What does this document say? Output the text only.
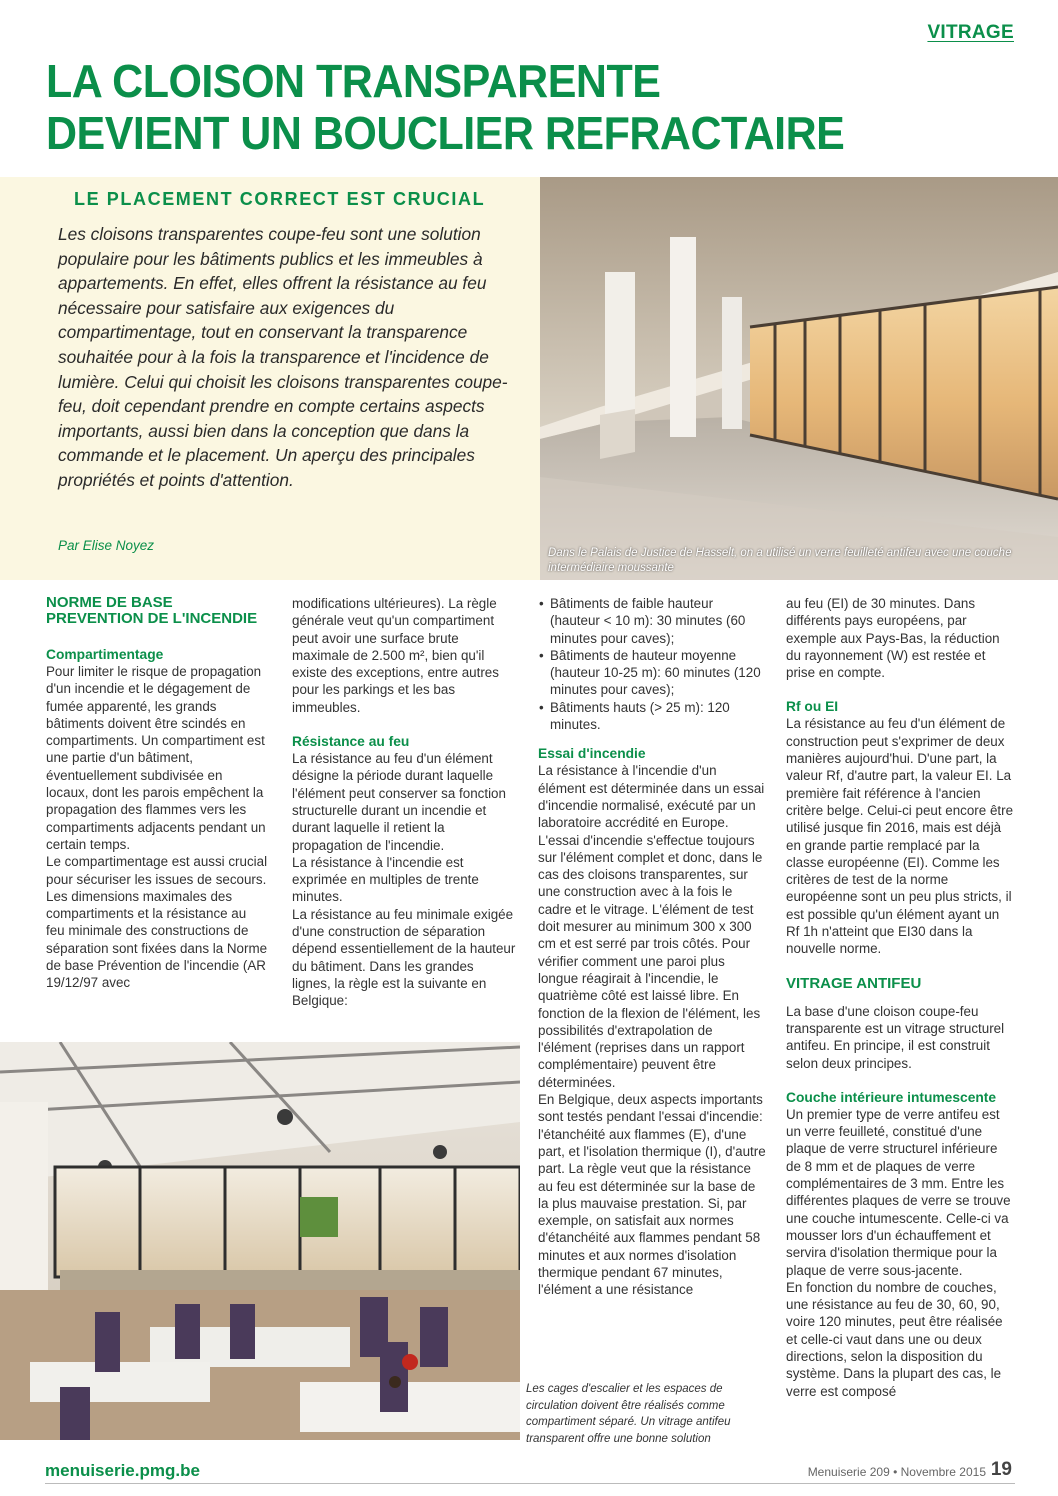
VITRAGE
LA CLOISON TRANSPARENTE
DEVIENT UN BOUCLIER REFRACTAIRE
LE PLACEMENT CORRECT EST CRUCIAL
Les cloisons transparentes coupe-feu sont une solution populaire pour les bâtiments publics et les immeubles à appartements. En effet, elles offrent la résistance au feu nécessaire pour satisfaire aux exigences du compartimentage, tout en conservant la transparence souhaitée pour à la fois la transparence et l'incidence de lumière. Celui qui choisit les cloisons transparentes coupe-feu, doit cependant prendre en compte certains aspects importants, aussi bien dans la conception que dans la commande et le placement. Un aperçu des principales propriétés et points d'attention.
Par Elise Noyez	Dans le Palais de Justice de Hasselt, on a utilisé un verre feuilleté antifeu avec une couche intermédiaire moussante
NORME DE BASE PREVENTION DE L'INCENDIE

Compartimentage

Pour limiter le risque de propagation d'un incendie et le dégagement de fumée apparenté, les grands bâtiments doivent être scindés en compartiments. Un compartiment est une partie d'un bâtiment, éventuellement subdivisée en locaux, dont les parois empêchent la propagation des flammes vers les compartiments adjacents pendant un certain temps.

Le compartimentage est aussi crucial pour sécuriser les issues de secours.

Les dimensions maximales des compartiments et la résistance au feu minimale des constructions de séparation sont fixées dans la Norme de base Prévention de l'incendie (AR 19/12/97 avec

modifications ultérieures). La règle générale veut qu'un compartiment peut avoir une surface brute maximale de 2.500 m², bien qu'il existe des exceptions, entre autres pour les parkings et les bas immeubles.

Résistance au feu

La résistance au feu d'un élément désigne la période durant laquelle l'élément peut conserver sa fonction structurelle durant un incendie et durant laquelle il retient la propagation de l'incendie.

La résistance à l'incendie est exprimée en multiples de trente minutes.

La résistance au feu minimale exigée d'une construction de séparation dépend essentiellement de la hauteur du bâtiment. Dans les grandes lignes, la règle est la suivante en Belgique:

• Bâtiments de faible hauteur (hauteur < 10 m): 30 minutes (60 minutes pour caves);
• Bâtiments de hauteur moyenne (hauteur 10-25 m): 60 minutes (120 minutes pour caves);
• Bâtiments hauts (> 25 m): 120 minutes.

Essai d'incendie

La résistance à l'incendie d'un élément est déterminée dans un essai d'incendie normalisé, exécuté par un laboratoire accrédité en Europe. L'essai d'incendie s'effectue toujours sur l'élément complet et donc, dans le cas des cloisons transparentes, sur une construction avec à la fois le cadre et le vitrage. L'élément de test doit mesurer au minimum 300 x 300 cm et est serré par trois côtés. Pour vérifier comment une paroi plus longue réagirait à l'incendie, le quatrième côté est laissé libre. En fonction de la flexion de l'élément, les possibilités d'extrapolation de l'élément (reprises dans un rapport complémentaire) peuvent être déterminées.

En Belgique, deux aspects importants sont testés pendant l'essai d'incendie: l'étanchéité aux flammes (E), d'une part, et l'isolation thermique (I), d'autre part. La règle veut que la résistance au feu est déterminée sur la base de la plus mauvaise prestation. Si, par exemple, on satisfait aux normes d'étanchéité aux flammes pendant 58 minutes et aux normes d'isolation thermique pendant 67 minutes, l'élément a une résistance

au feu (EI) de 30 minutes. Dans différents pays européens, par exemple aux Pays-Bas, la réduction du rayonnement (W) est restée et prise en compte.

Rf ou EI

La résistance au feu d'un élément de construction peut s'exprimer de deux manières aujourd'hui. D'une part, la valeur Rf, d'autre part, la valeur EI. La première fait référence à l'ancien critère belge. Celui-ci peut encore être utilisé jusque fin 2016, mais est déjà en grande partie remplacé par la classe européenne (EI). Comme les critères de test de la norme européenne sont un peu plus stricts, il est possible qu'un élément ayant un Rf 1h n'atteint que EI30 dans la nouvelle norme.

VITRAGE ANTIFEU

La base d'une cloison coupe-feu transparente est un vitrage structurel antifeu. En principe, il est construit selon deux principes.

Couche intérieure intumescente

Un premier type de verre antifeu est un verre feuilleté, constitué d'une plaque de verre structurel inférieure de 8 mm et de plaques de verre complémentaires de 3 mm. Entre les différentes plaques de verre se trouve une couche intumescente. Celle-ci va mousser lors d'un échauffement et servira d'isolation thermique pour la plaque de verre sous-jacente.

En fonction du nombre de couches, une résistance au feu de 30, 60, 90, voire 120 minutes, peut être réalisée et celle-ci vaut dans une ou deux directions, selon la disposition du système. Dans la plupart des cas, le verre est composé

Les cages d'escalier et les espaces de circulation doivent être réalisés comme compartiment séparé. Un vitrage antifeu transparent offre une bonne solution
menuiserie.pmg.be	Menuiserie 209 • Novembre 2015 19
